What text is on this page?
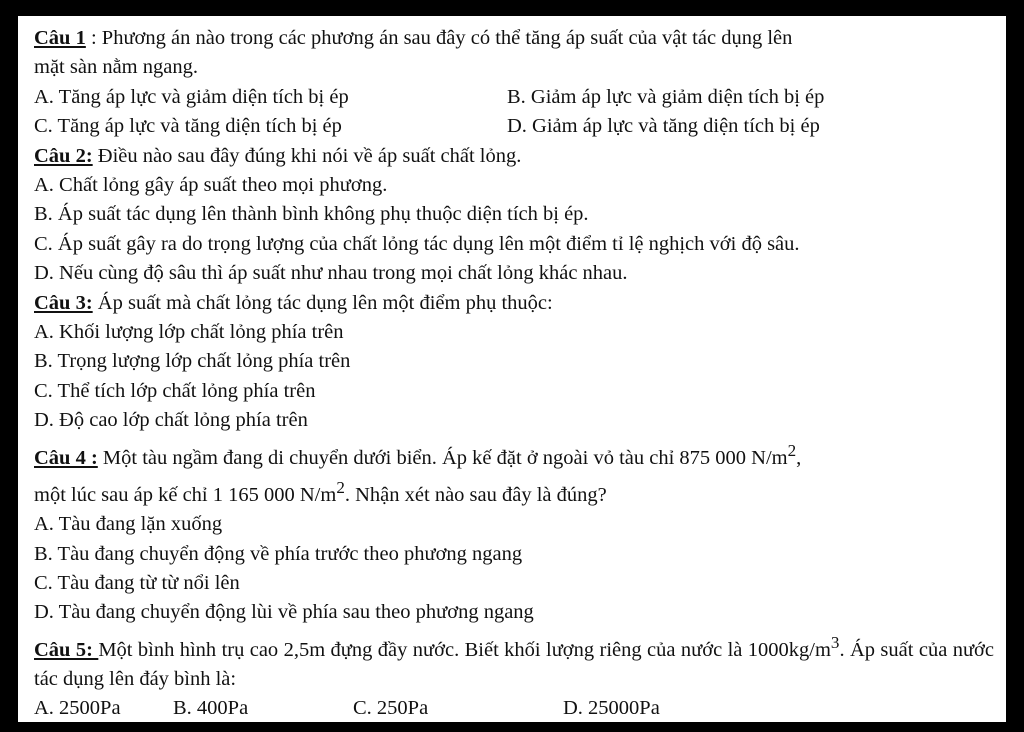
Câu 1 : Phương án nào trong các phương án sau đây có thể tăng áp suất của vật tác dụng lên
mặt sàn nằm ngang.
A. Tăng áp lực và giảm diện tích bị ép	B. Giảm áp lực và giảm diện tích bị ép
C. Tăng áp lực và tăng diện tích bị ép	D. Giảm áp lực và tăng diện tích bị ép
Câu 2: Điều nào sau đây đúng khi nói về áp suất chất lỏng.
A. Chất lỏng gây áp suất theo mọi phương.
B. Áp suất tác dụng lên thành bình không phụ thuộc diện tích bị ép.
C. Áp suất gây ra do trọng lượng của chất lỏng tác dụng lên một điểm tỉ lệ nghịch với độ sâu.
D. Nếu cùng độ sâu thì áp suất như nhau trong mọi chất lỏng khác nhau.
Câu 3: Áp suất mà chất lỏng tác dụng lên một điểm phụ thuộc:
A. Khối lượng lớp chất lỏng phía trên
B. Trọng lượng lớp chất lỏng phía trên
C. Thể tích lớp chất lỏng phía trên
D. Độ cao lớp chất lỏng phía trên
Câu 4 : Một tàu ngầm đang di chuyển dưới biển. Áp kế đặt ở ngoài vỏ tàu chỉ 875 000 $N/m^2$,
một lúc sau áp kế chỉ 1 165 000 $N/m^2$. Nhận xét nào sau đây là đúng?
A. Tàu đang lặn xuống
B. Tàu đang chuyển động về phía trước theo phương ngang
C. Tàu đang từ từ nổi lên
D. Tàu đang chuyển động lùi về phía sau theo phương ngang
Câu 5: Một bình hình trụ cao 2,5m đựng đầy nước. Biết khối lượng riêng của nước là $1000kg/m^3$. Áp suất của nước tác dụng lên đáy bình là:
A. 2500Pa	B. 400Pa	C. 250Pa	D. 25000Pa
